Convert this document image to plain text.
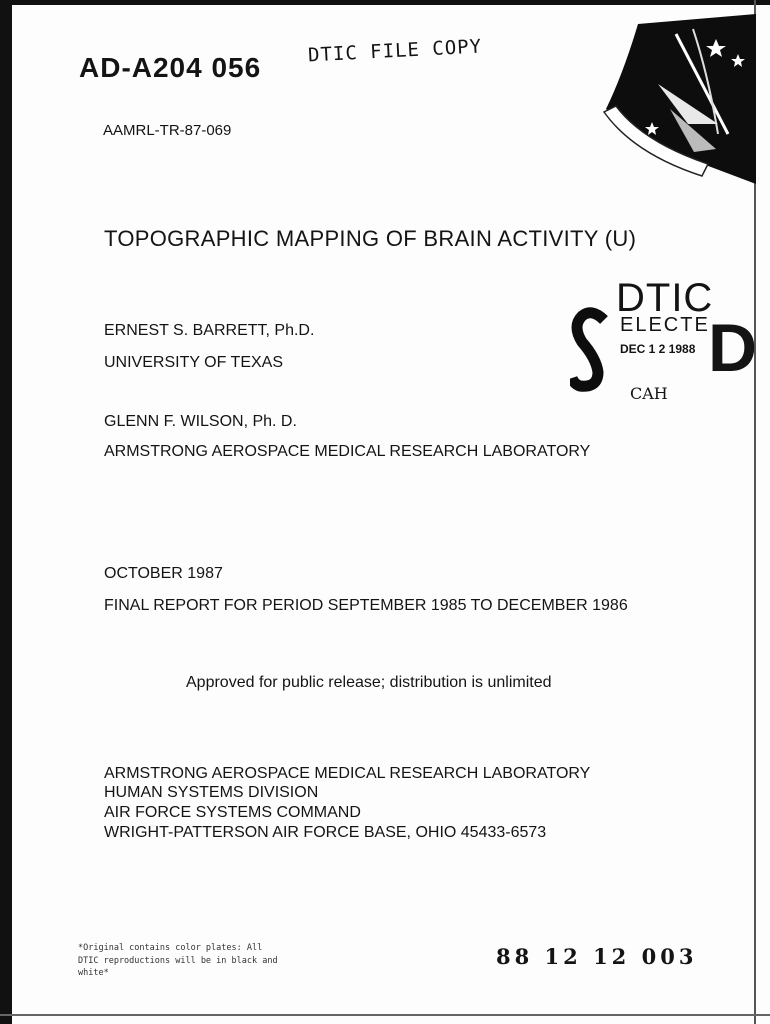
AD-A204 056
DTIC FILE COPY
AAMRL-TR-87-069
TOPOGRAPHIC MAPPING OF BRAIN ACTIVITY (U)
ERNEST S. BARRETT, Ph.D.
UNIVERSITY OF TEXAS
GLENN F. WILSON, Ph. D.
ARMSTRONG AEROSPACE MEDICAL RESEARCH LABORATORY
DTIC
ELECTE
DEC 1 2 1988 D
CAH
OCTOBER 1987
FINAL REPORT FOR PERIOD SEPTEMBER 1985 TO DECEMBER 1986
Approved for public release; distribution is unlimited
ARMSTRONG AEROSPACE MEDICAL RESEARCH LABORATORY
HUMAN SYSTEMS DIVISION
AIR FORCE SYSTEMS COMMAND
WRIGHT-PATTERSON AIR FORCE BASE, OHIO 45433-6573
*Original contains color plates: All DTIC reproductions will be in black and white*
88 12 12 003
